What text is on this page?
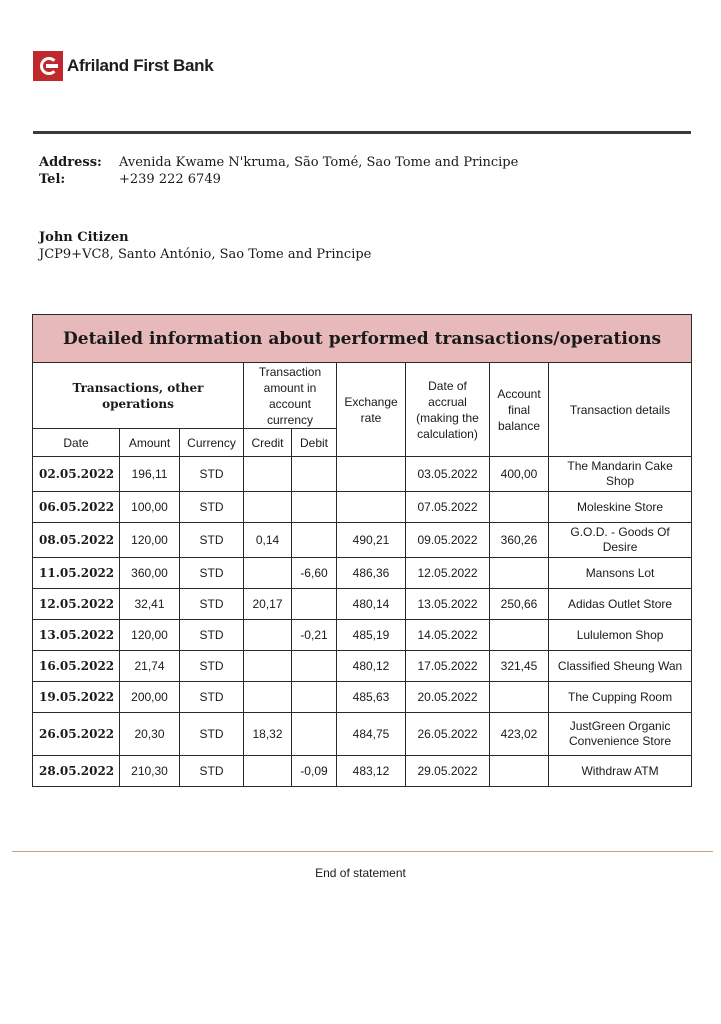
Afriland First Bank
Address:	Avenida Kwame N'kruma, São Tomé, Sao Tome and Principe
Tel:	+239 222 6749
John Citizen
JCP9+VC8, Santo António, Sao Tome and Principe
Detailed information about performed transactions/operations								
Transactions, other operations			Transaction amount in account currency		Exchange rate	Date of accrual (making the calculation)	Account final balance	Transaction details
Date	Amount	Currency	Credit	Debit				
02.05.2022	196,11	STD				03.05.2022	400,00	The Mandarin Cake Shop
06.05.2022	100,00	STD				07.05.2022		Moleskine Store
08.05.2022	120,00	STD	0,14		490,21	09.05.2022	360,26	G.O.D. - Goods Of Desire
11.05.2022	360,00	STD		-6,60	486,36	12.05.2022		Mansons Lot
12.05.2022	32,41	STD	20,17		480,14	13.05.2022	250,66	Adidas Outlet Store
13.05.2022	120,00	STD		-0,21	485,19	14.05.2022		Lululemon Shop
16.05.2022	21,74	STD			480,12	17.05.2022	321,45	Classified Sheung Wan
19.05.2022	200,00	STD			485,63	20.05.2022		The Cupping Room
26.05.2022	20,30	STD	18,32		484,75	26.05.2022	423,02	JustGreen Organic Convenience Store
28.05.2022	210,30	STD		-0,09	483,12	29.05.2022		Withdraw ATM
End of statement
